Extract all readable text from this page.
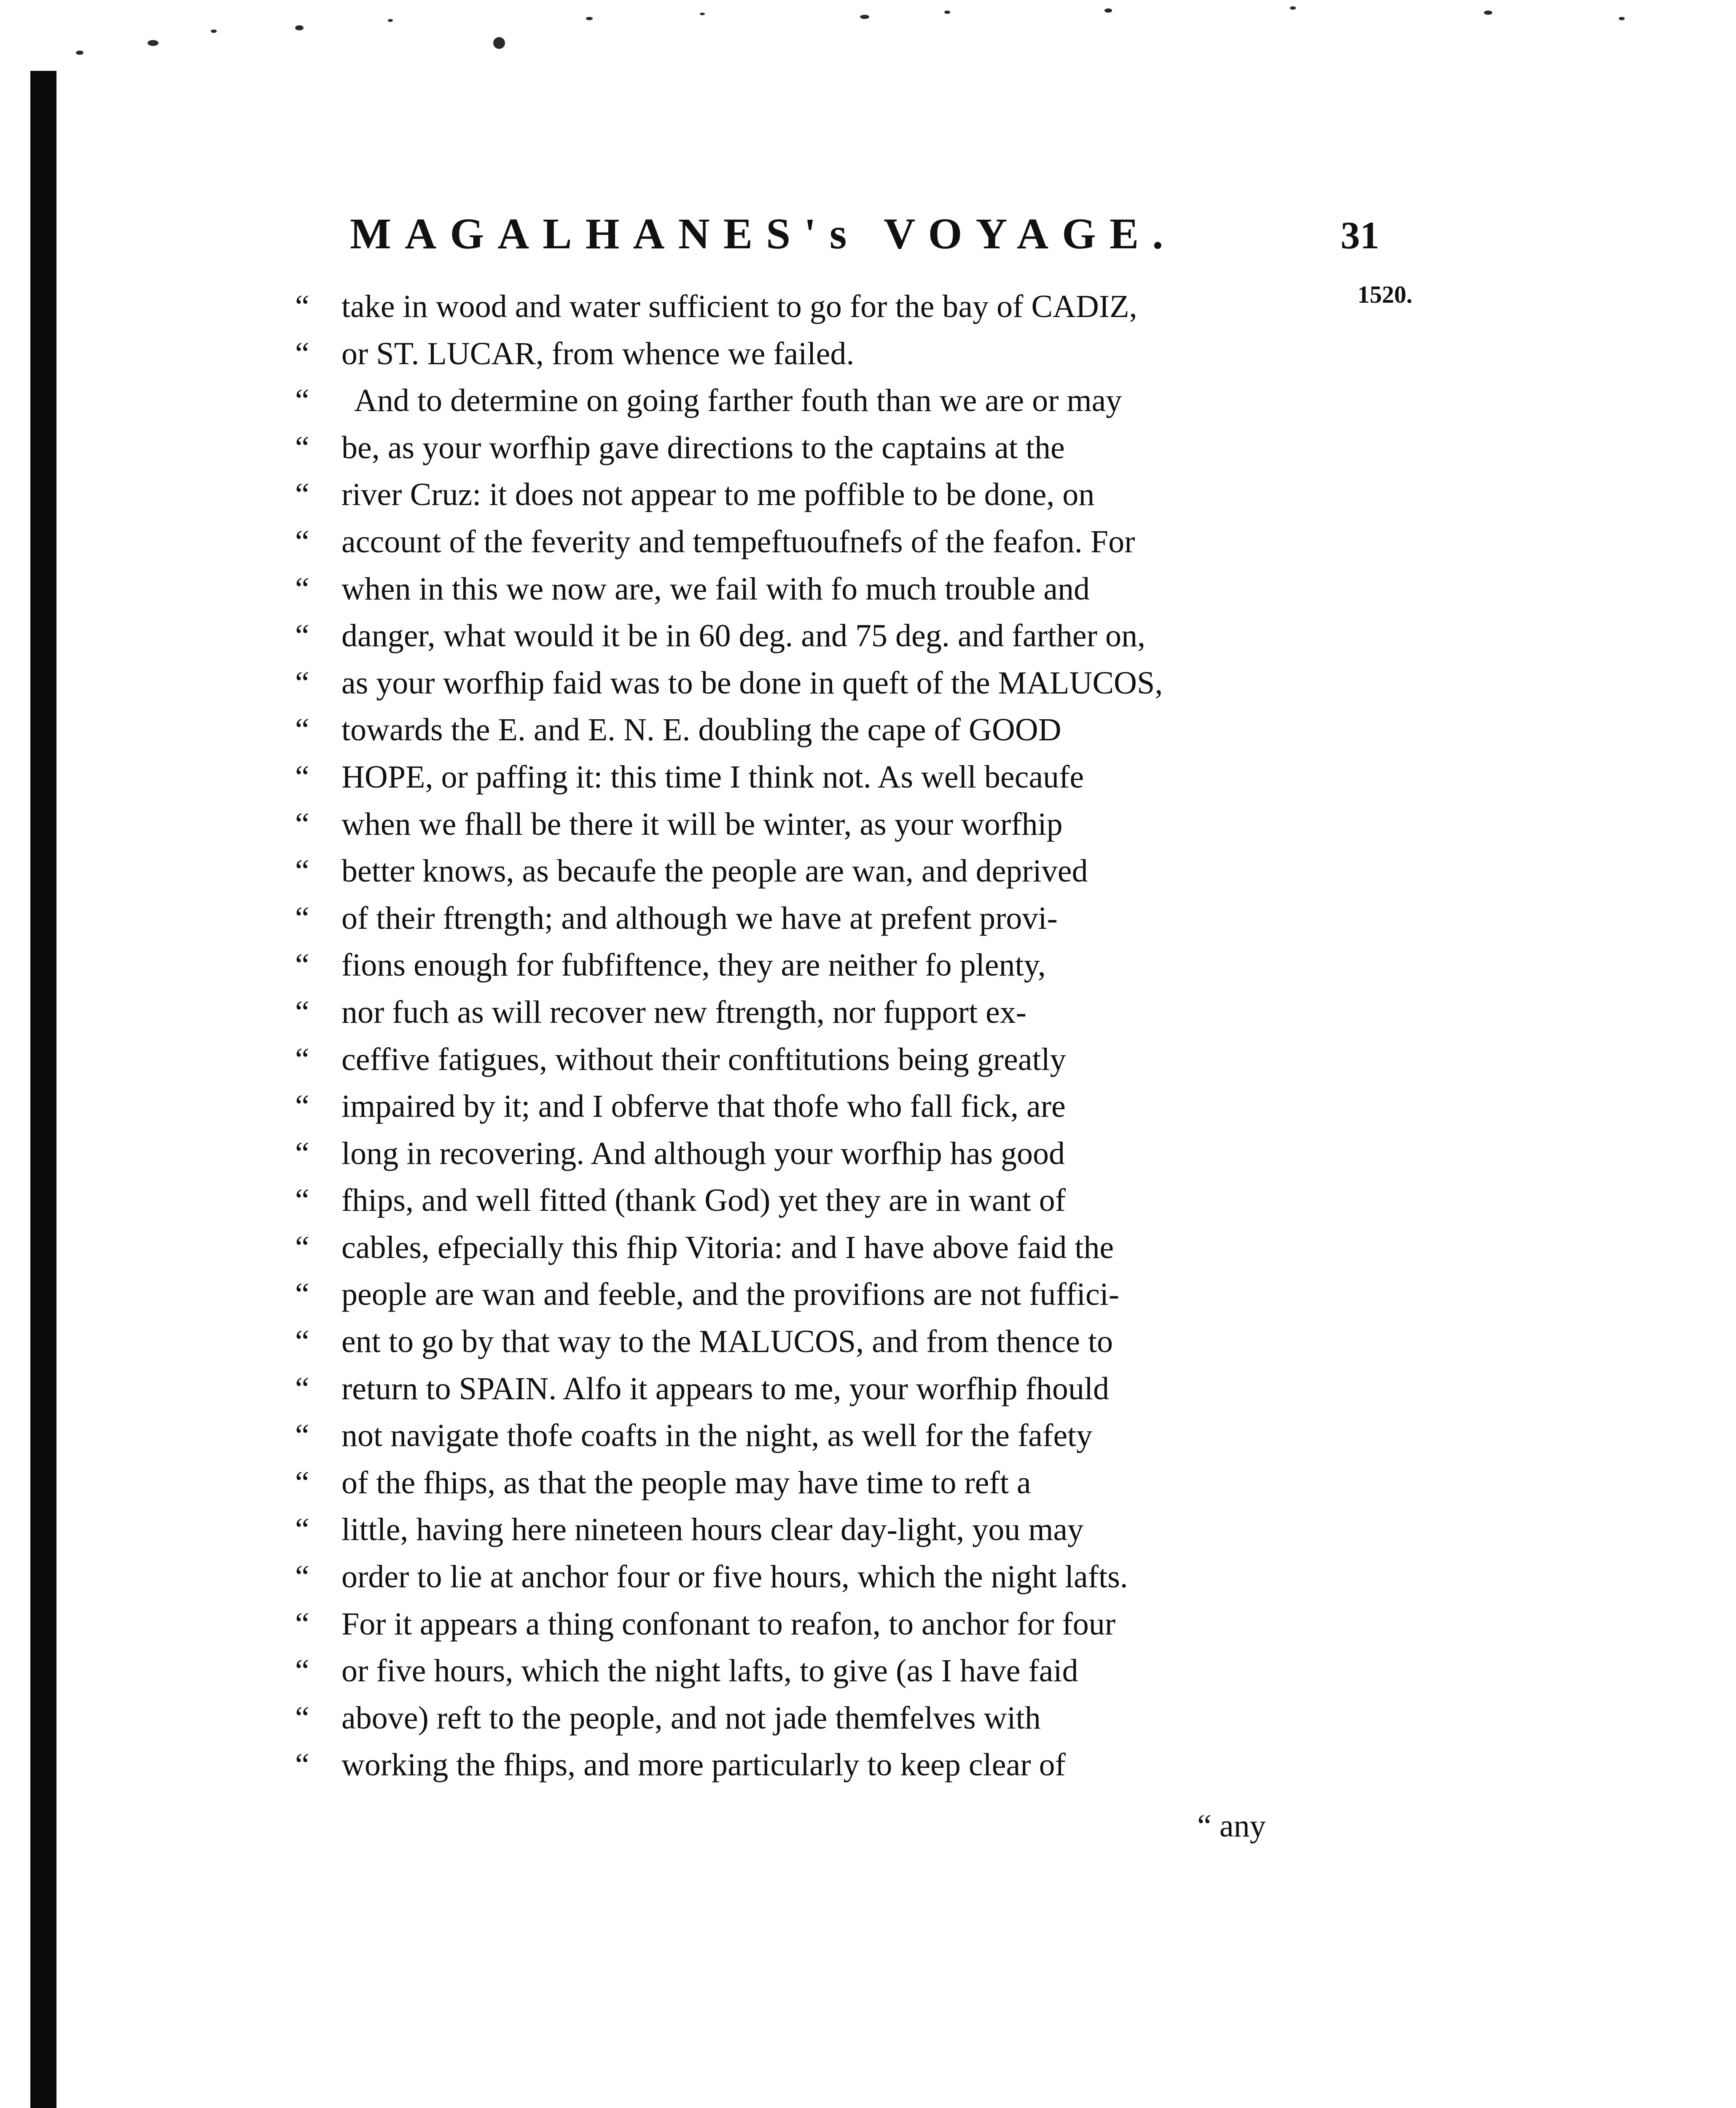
MAGALHANES's VOYAGE.	31
1520.
“	take in wood and water sufficient to go for the bay of CADIZ,
“	or ST. LUCAR, from whence we failed.
“	And to determine on going farther fouth than we are or may
“	be, as your worfhip gave directions to the captains at the
“	river Cruz: it does not appear to me poffible to be done, on
“	account of the feverity and tempeftuoufnefs of the feafon. For
“	when in this we now are, we fail with fo much trouble and
“	danger, what would it be in 60 deg. and 75 deg. and farther on,
“	as your worfhip faid was to be done in queft of the MALUCOS,
“	towards the E. and E. N. E. doubling the cape of GOOD
“	HOPE, or paffing it: this time I think not. As well becaufe
“	when we fhall be there it will be winter, as your worfhip
“	better knows, as becaufe the people are wan, and deprived
“	of their ftrength; and although we have at prefent provi-
“	fions enough for fubfiftence, they are neither fo plenty,
“	nor fuch as will recover new ftrength, nor fupport ex-
“	ceffive fatigues, without their conftitutions being greatly
“	impaired by it; and I obferve that thofe who fall fick, are
“	long in recovering. And although your worfhip has good
“	fhips, and well fitted (thank God) yet they are in want of
“	cables, efpecially this fhip Vitoria: and I have above faid the
“	people are wan and feeble, and the provifions are not fuffici-
“	ent to go by that way to the MALUCOS, and from thence to
“	return to SPAIN. Alfo it appears to me, your worfhip fhould
“	not navigate thofe coafts in the night, as well for the fafety
“	of the fhips, as that the people may have time to reft a
“	little, having here nineteen hours clear day-light, you may
“	order to lie at anchor four or five hours, which the night lafts.
“	For it appears a thing confonant to reafon, to anchor for four
“	or five hours, which the night lafts, to give (as I have faid
“	above) reft to the people, and not jade themfelves with
“	working the fhips, and more particularly to keep clear of
“ any
